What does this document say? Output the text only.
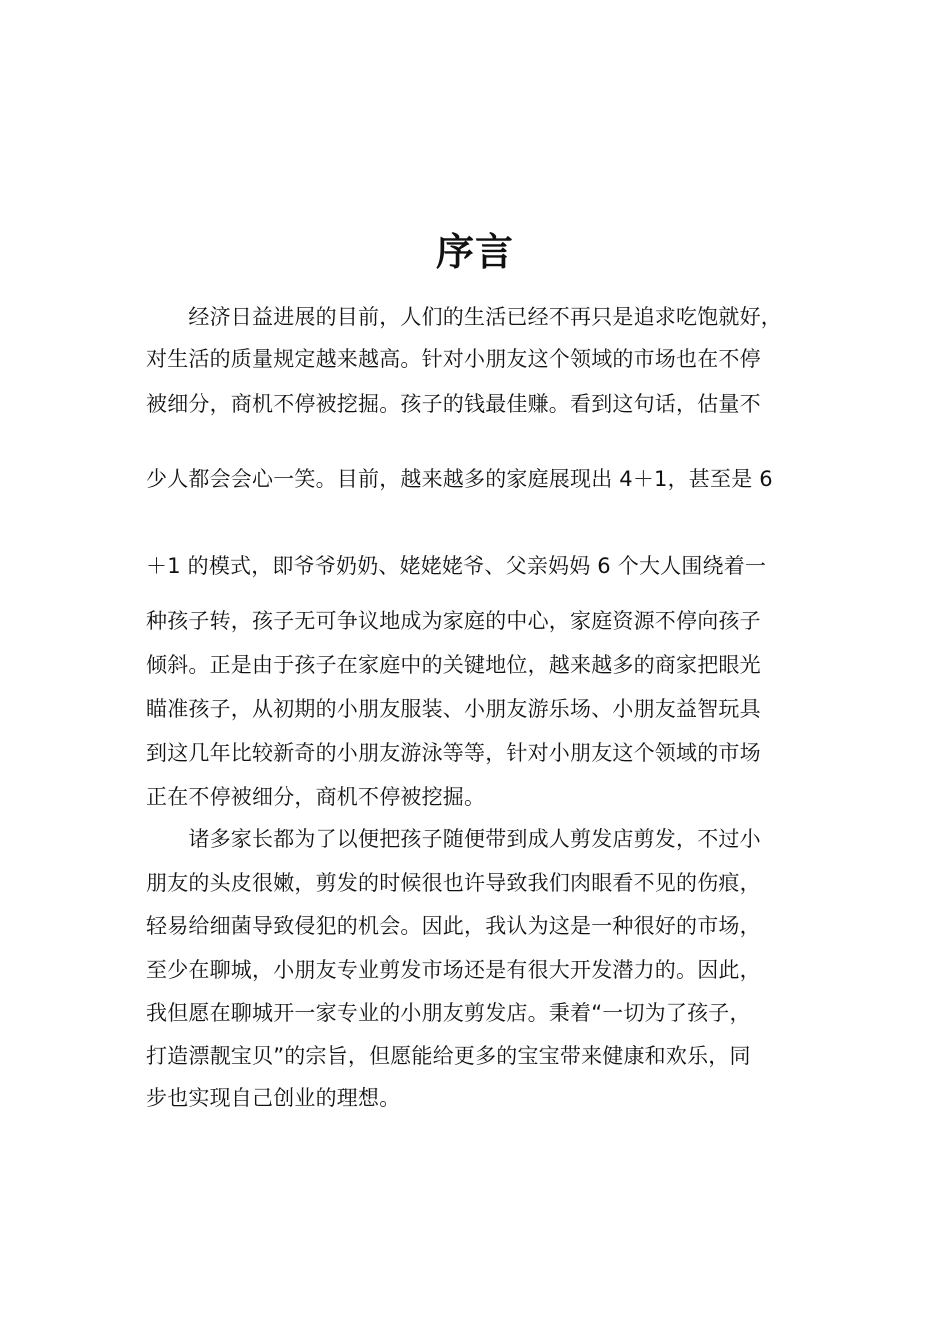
序言
　　经济日益进展的目前，人们的生活已经不再只是追求吃饱就好，
对生活的质量规定越来越高。针对小朋友这个领域的市场也在不停
被细分，商机不停被挖掘。孩子的钱最佳赚。看到这句话，估量不
少人都会会心一笑。目前，越来越多的家庭展现出 4＋1，甚至是 6
＋1 的模式，即爷爷奶奶、姥姥姥爷、父亲妈妈 6 个大人围绕着一
种孩子转，孩子无可争议地成为家庭的中心，家庭资源不停向孩子
倾斜。正是由于孩子在家庭中的关键地位，越来越多的商家把眼光
瞄准孩子，从初期的小朋友服装、小朋友游乐场、小朋友益智玩具
到这几年比较新奇的小朋友游泳等等，针对小朋友这个领域的市场
正在不停被细分，商机不停被挖掘。
　　诸多家长都为了以便把孩子随便带到成人剪发店剪发，不过小
朋友的头皮很嫩，剪发的时候很也许导致我们肉眼看不见的伤痕，
轻易给细菌导致侵犯的机会。因此，我认为这是一种很好的市场，
至少在聊城，小朋友专业剪发市场还是有很大开发潜力的。因此，
我但愿在聊城开一家专业的小朋友剪发店。秉着“一切为了孩子，
打造漂靓宝贝”的宗旨，但愿能给更多的宝宝带来健康和欢乐，同
步也实现自己创业的理想。
